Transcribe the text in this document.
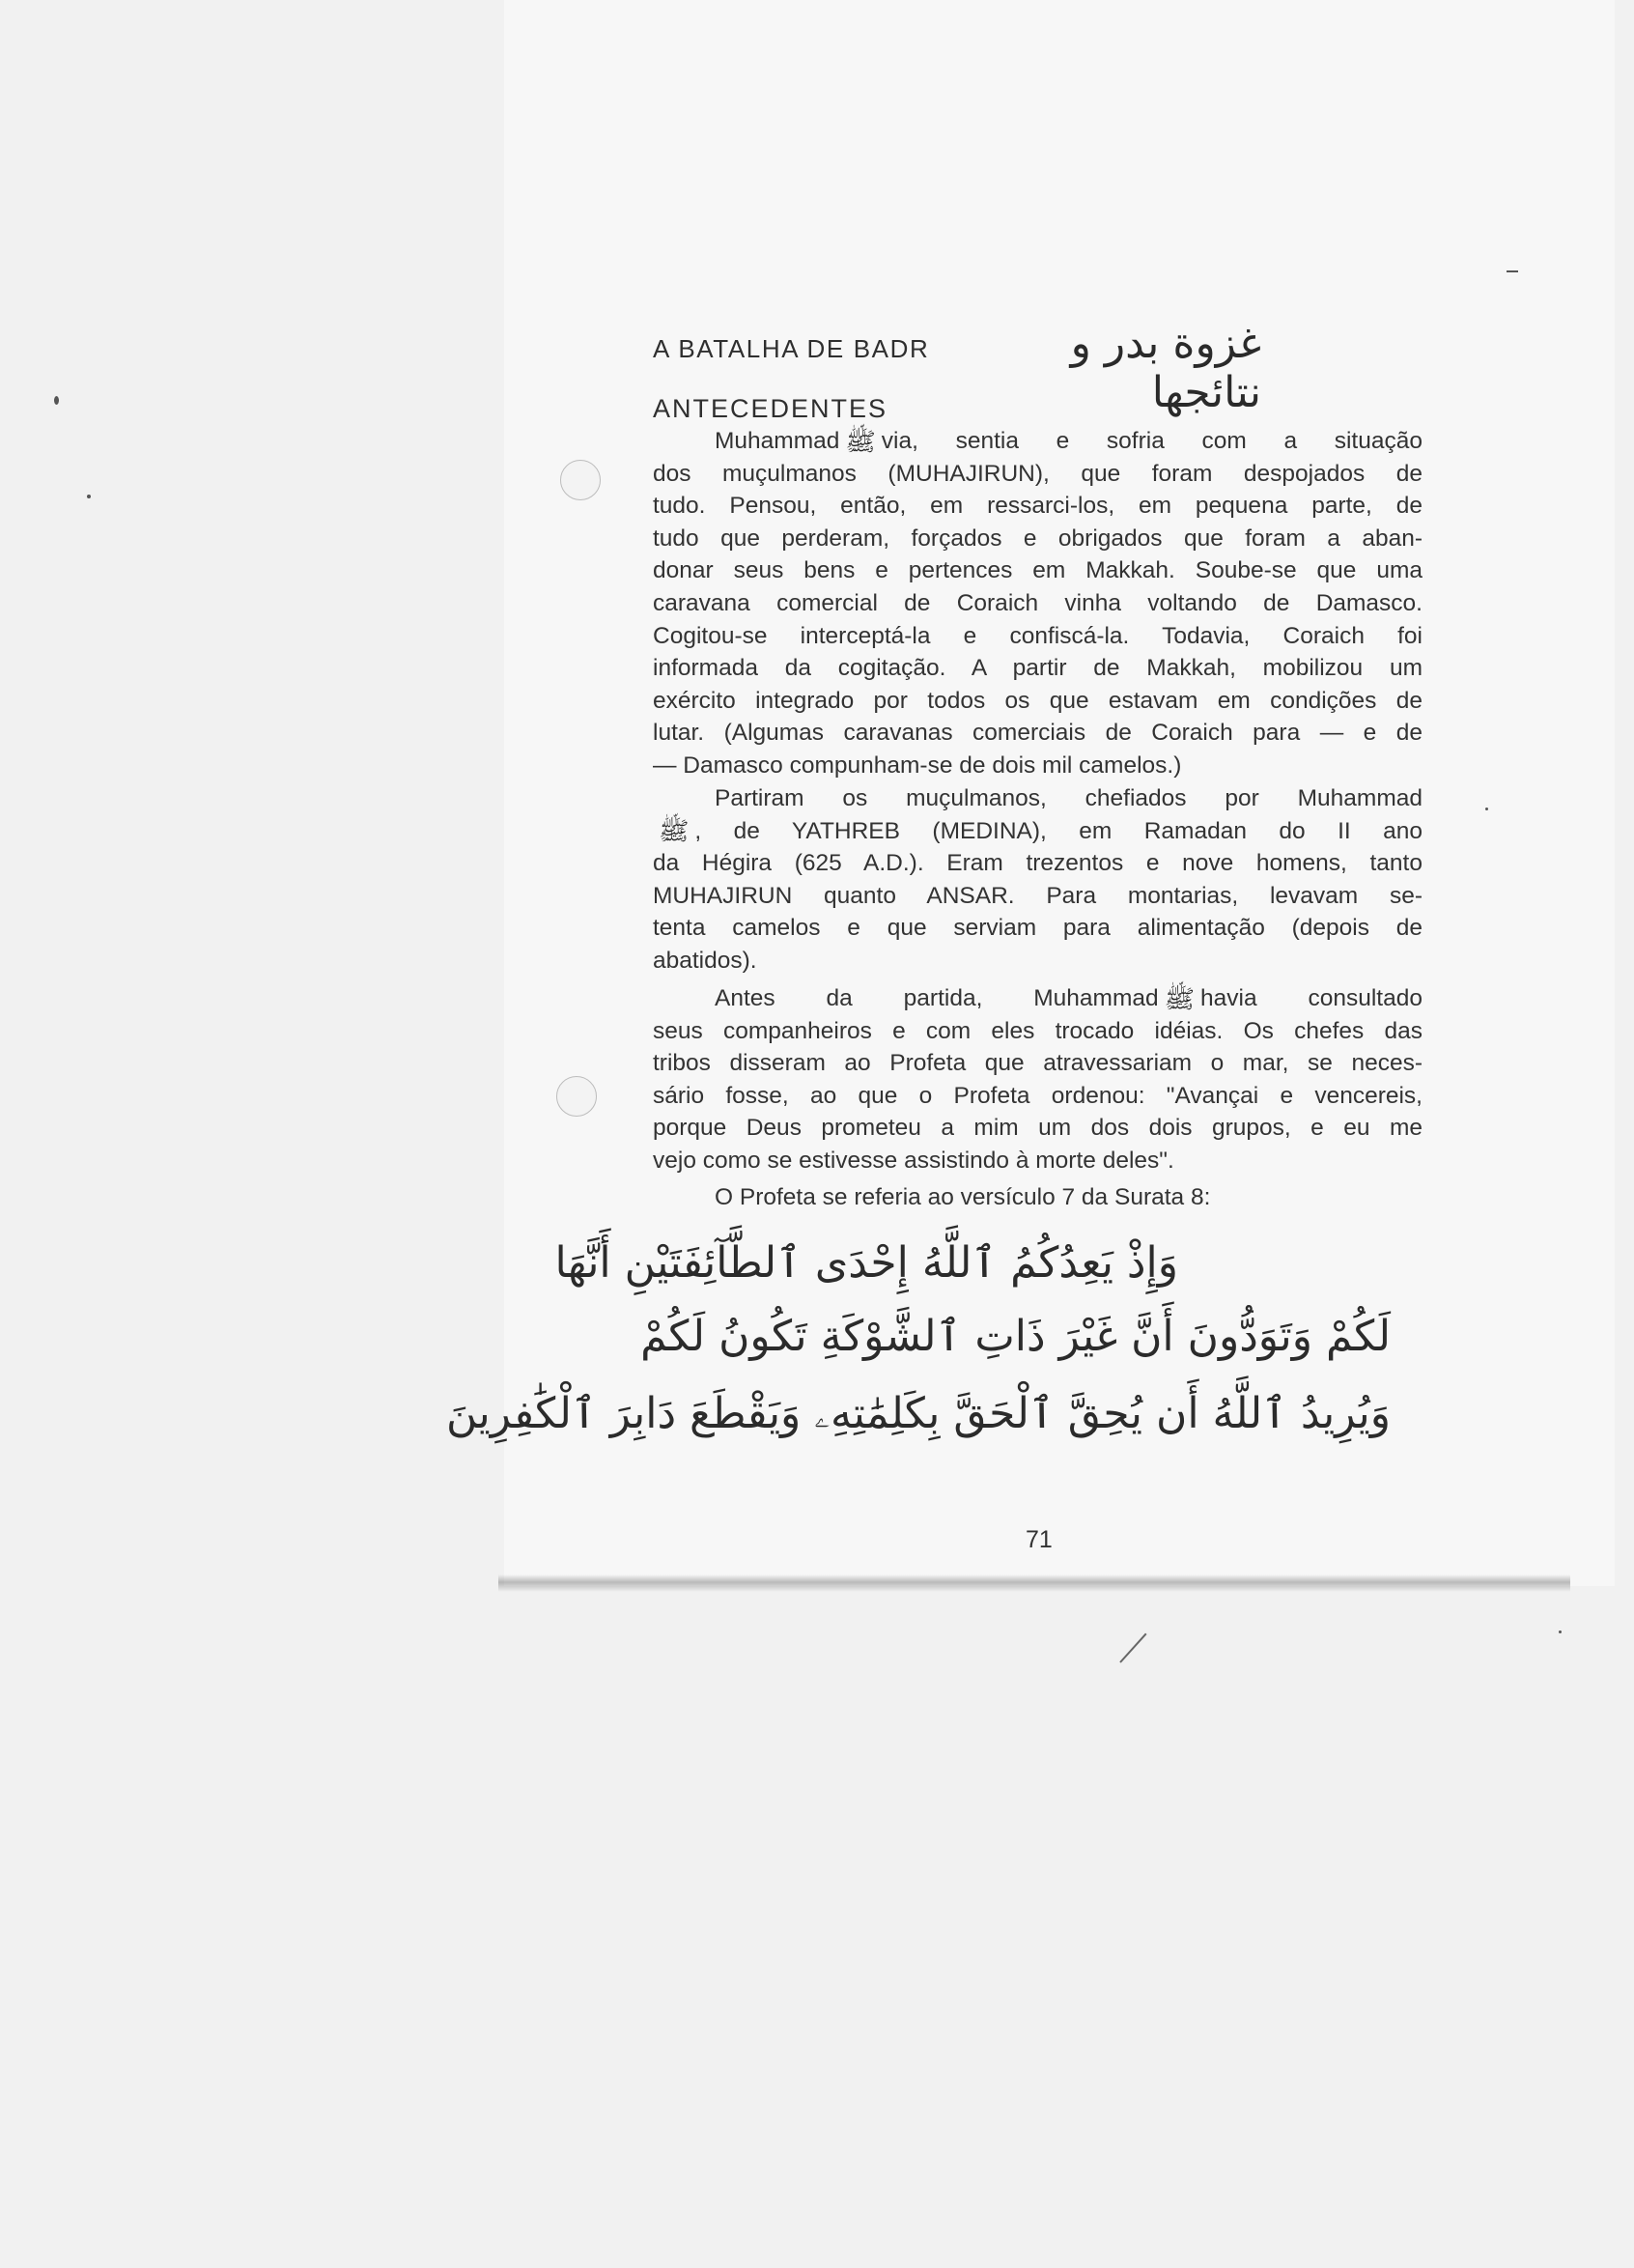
A BATALHA DE BADR	غزوة بدر و نتائجها
ANTECEDENTES
Muhammad ﷺ via, sentia e sofria com a situação
dos muçulmanos (MUHAJIRUN), que foram despojados de
tudo. Pensou, então, em ressarci-los, em pequena parte, de
tudo que perderam, forçados e obrigados que foram a aban-
donar seus bens e pertences em Makkah. Soube-se que uma
caravana comercial de Coraich vinha voltando de Damasco.
Cogitou-se interceptá-la e confiscá-la. Todavia, Coraich foi
informada da cogitação. A partir de Makkah, mobilizou um
exército integrado por todos os que estavam em condições de
lutar. (Algumas caravanas comerciais de Coraich para — e de
— Damasco compunham-se de dois mil camelos.)
Partiram os muçulmanos, chefiados por Muhammad
ﷺ , de YATHREB (MEDINA), em Ramadan do II ano
da Hégira (625 A.D.). Eram trezentos e nove homens, tanto
MUHAJIRUN quanto ANSAR. Para montarias, levavam se-
tenta camelos e que serviam para alimentação (depois de
abatidos).
Antes da partida, Muhammad ﷺ havia consultado
seus companheiros e com eles trocado idéias. Os chefes das
tribos disseram ao Profeta que atravessariam o mar, se neces-
sário fosse, ao que o Profeta ordenou: "Avançai e vencereis,
porque Deus prometeu a mim um dos dois grupos, e eu me
vejo como se estivesse assistindo à morte deles".
O Profeta se referia ao versículo 7 da Surata 8:
وَإِذْ يَعِدُكُمُ ٱللَّهُ إِحْدَى ٱلطَّآئِفَتَيْنِ أَنَّهَا
لَكُمْ وَتَوَدُّونَ أَنَّ غَيْرَ ذَاتِ ٱلشَّوْكَةِ تَكُونُ لَكُمْ
وَيُرِيدُ ٱللَّهُ أَن يُحِقَّ ٱلْحَقَّ بِكَلِمَٰتِهِۦ وَيَقْطَعَ دَابِرَ ٱلْكَٰفِرِينَ
71
